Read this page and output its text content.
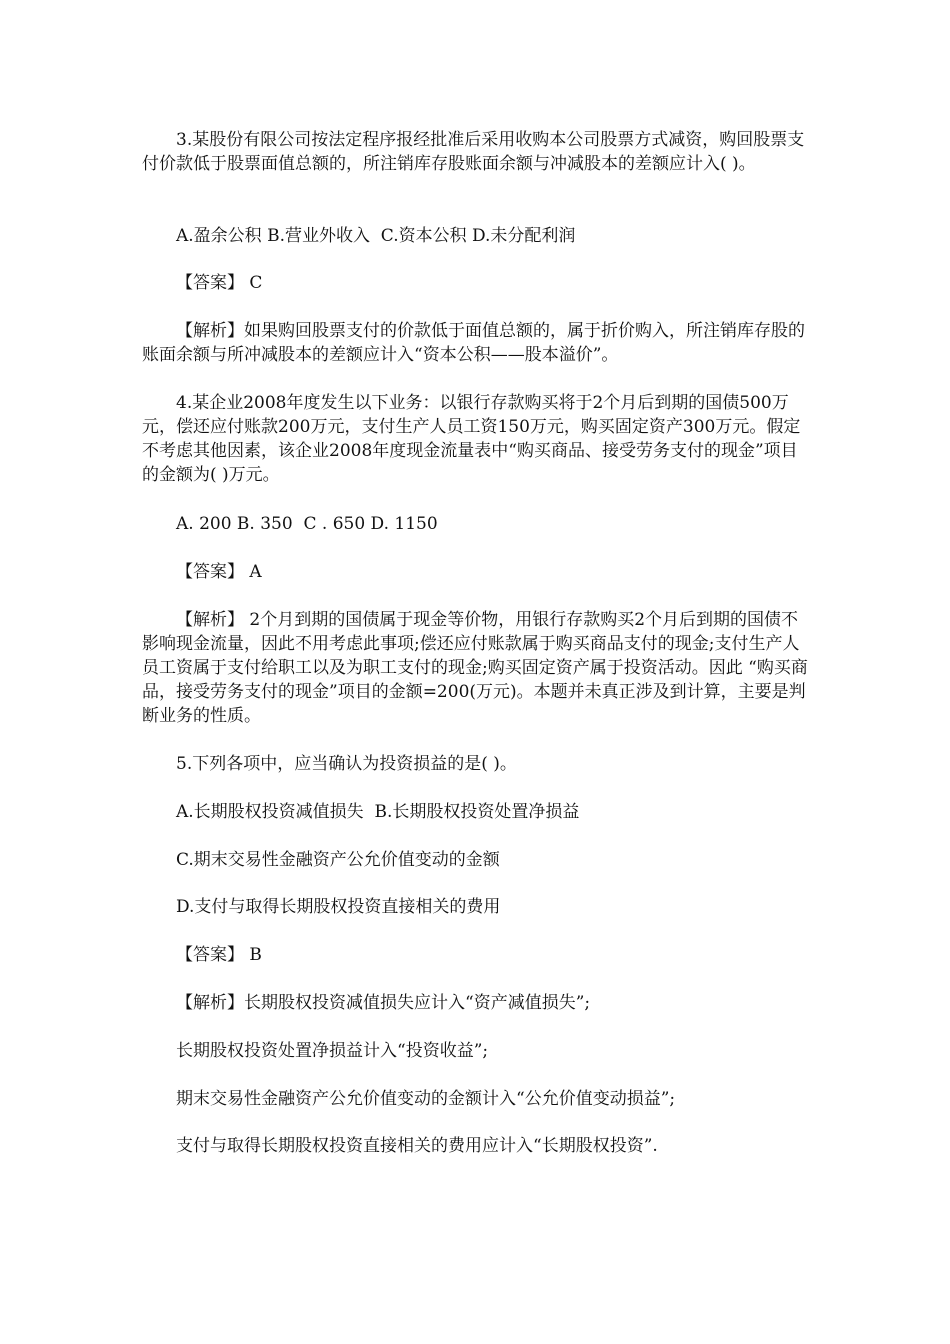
3.某股份有限公司按法定程序报经批准后采用收购本公司股票方式减资，购回股票支付价款低于股票面值总额的，所注销库存股账面余额与冲减股本的差额应计入( )。

A.盈余公积 B.营业外收入  C.资本公积 D.未分配利润

【答案】 C

【解析】如果购回股票支付的价款低于面值总额的，属于折价购入，所注销库存股的账面余额与所冲减股本的差额应计入“资本公积——股本溢价”。

4.某企业2008年度发生以下业务：以银行存款购买将于2个月后到期的国债500万元，偿还应付账款200万元，支付生产人员工资150万元，购买固定资产300万元。假定不考虑其他因素，该企业2008年度现金流量表中“购买商品、接受劳务支付的现金”项目的金额为( )万元。

A. 200 B. 350  C . 650 D. 1150

【答案】 A

【解析】 2个月到期的国债属于现金等价物，用银行存款购买2个月后到期的国债不影响现金流量，因此不用考虑此事项;偿还应付账款属于购买商品支付的现金;支付生产人员工资属于支付给职工以及为职工支付的现金;购买固定资产属于投资活动。因此 “购买商品，接受劳务支付的现金”项目的金额=200(万元)。本题并未真正涉及到计算，主要是判断业务的性质。

5.下列各项中，应当确认为投资损益的是( )。

A.长期股权投资减值损失  B.长期股权投资处置净损益

C.期末交易性金融资产公允价值变动的金额

D.支付与取得长期股权投资直接相关的费用

【答案】 B

【解析】长期股权投资减值损失应计入“资产减值损失”;

长期股权投资处置净损益计入“投资收益”;

期末交易性金融资产公允价值变动的金额计入“公允价值变动损益”;

支付与取得长期股权投资直接相关的费用应计入“长期股权投资”.
